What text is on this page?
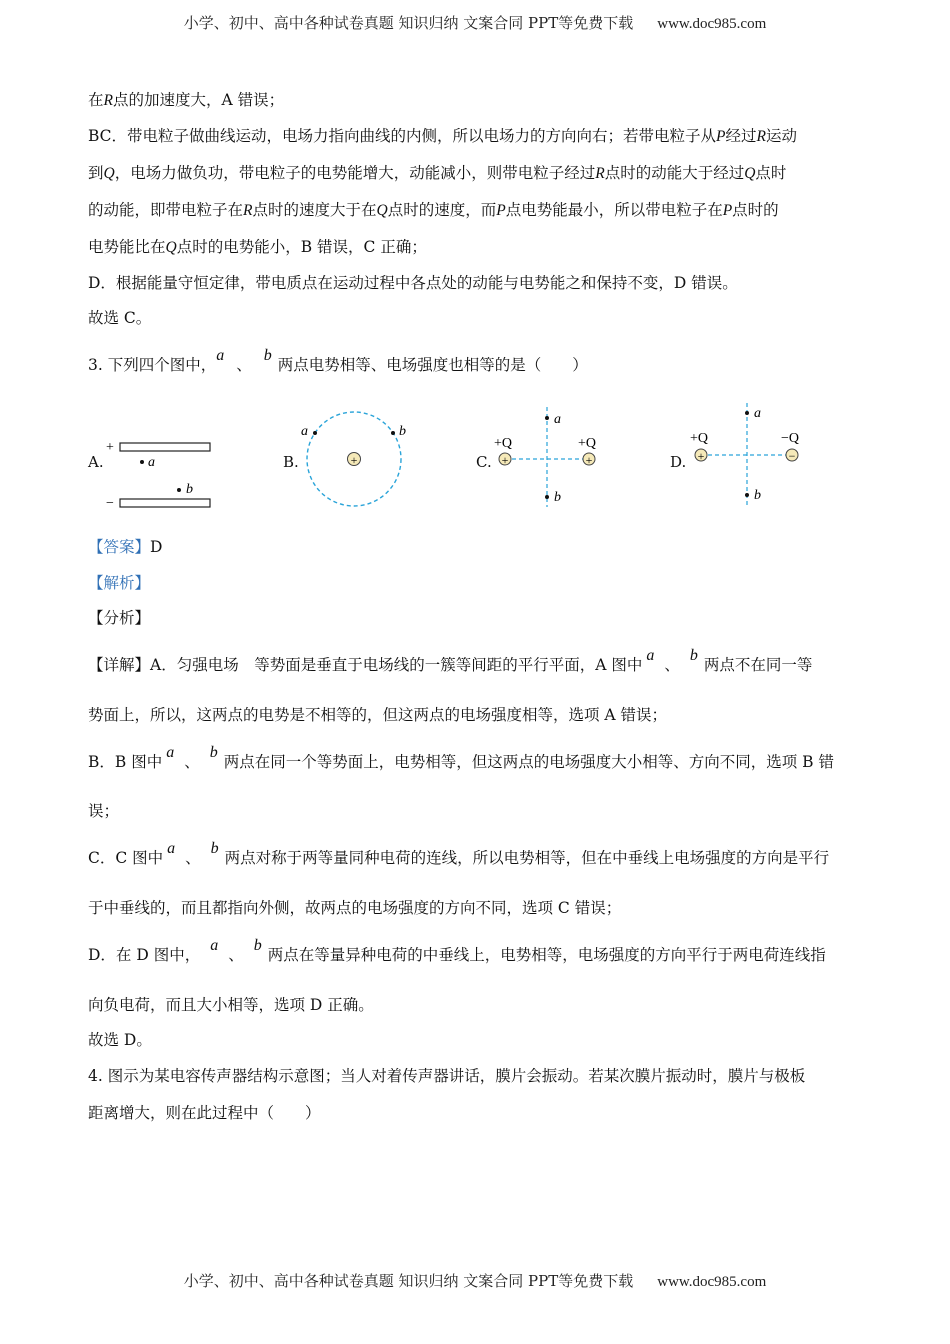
小学、初中、高中各种试卷真题 知识归纳 文案合同 PPT等免费下载 www.doc985.com
在R点的加速度大，A 错误；
BC．带电粒子做曲线运动，电场力指向曲线的内侧，所以电场力的方向向右；若带电粒子从P经过R运动
到Q，电场力做负功，带电粒子的电势能增大，动能减小，则带电粒子经过R点时的动能大于经过Q点时
的动能，即带电粒子在R点时的速度大于在Q点时的速度，而P点电势能最小，所以带电粒子在P点时的
电势能比在Q点时的电势能小，B 错误，C 正确；
D．根据能量守恒定律，带电质点在运动过程中各点处的动能与电势能之和保持不变，D 错误。
故选 C。
3. 下列四个图中，a、b两点电势相等、电场强度也相等的是（　　）
A.	B.	C.	D.
+
a
b
−
+
a	b
+Q	+Q
+	+
a
b
+Q	−Q
+	−
a
b
【答案】D
【解析】
【分析】
【详解】A．匀强电场　等势面是垂直于电场线的一簇等间距的平行平面，A 图中a、b两点不在同一等
势面上，所以，这两点的电势是不相等的，但这两点的电场强度相等，选项 A 错误；
B．B 图中a、b两点在同一个等势面上，电势相等，但这两点的电场强度大小相等、方向不同，选项 B 错
误；
C．C 图中a、b两点对称于两等量同种电荷的连线，所以电势相等，但在中垂线上电场强度的方向是平行
于中垂线的，而且都指向外侧，故两点的电场强度的方向不同，选项 C 错误；
D．在 D 图中，a、b两点在等量异种电荷的中垂线上，电势相等，电场强度的方向平行于两电荷连线指
向负电荷，而且大小相等，选项 D 正确。
故选 D。
4. 图示为某电容传声器结构示意图；当人对着传声器讲话，膜片会振动。若某次膜片振动时，膜片与极板
距离增大，则在此过程中（　　）
小学、初中、高中各种试卷真题 知识归纳 文案合同 PPT等免费下载 www.doc985.com
